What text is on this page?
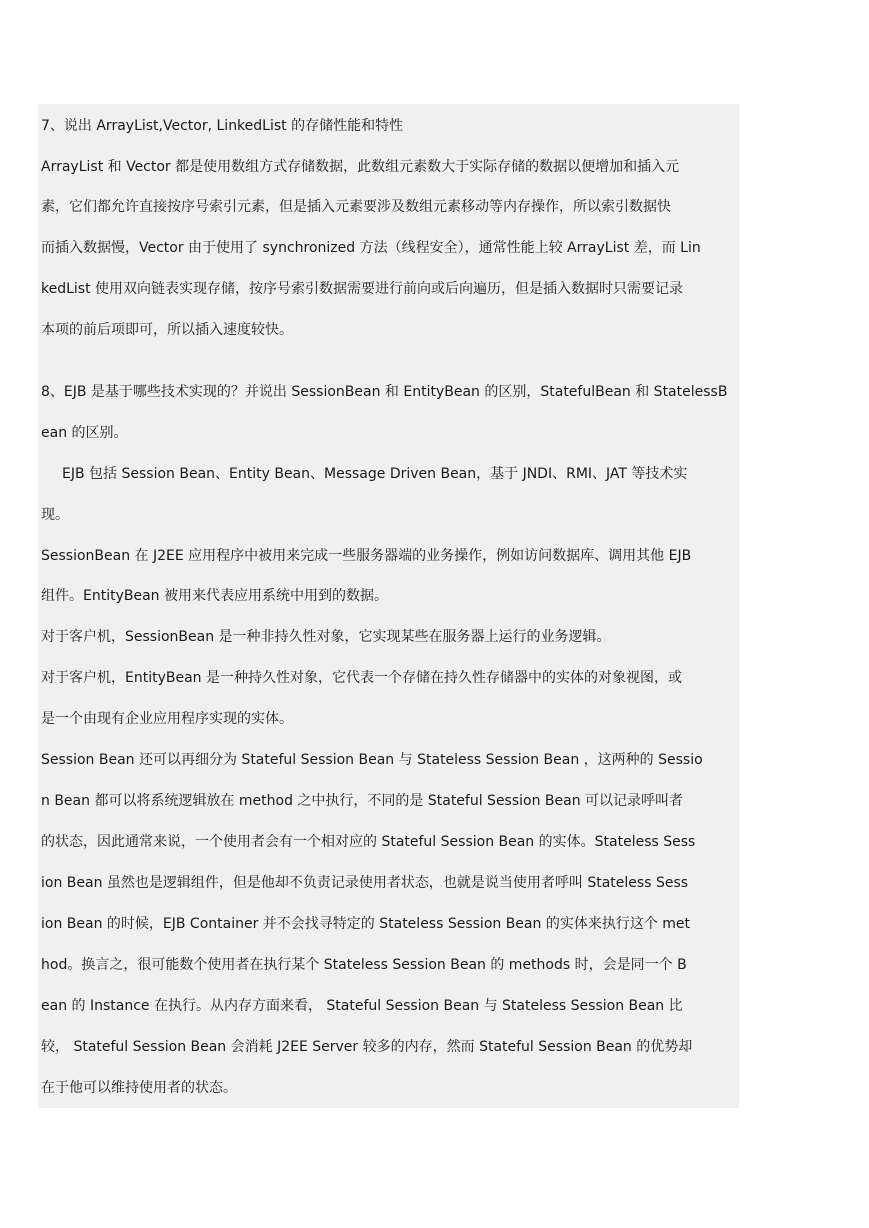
7、说出 ArrayList,Vector, LinkedList 的存储性能和特性
ArrayList 和 Vector 都是使用数组方式存储数据，此数组元素数大于实际存储的数据以便增加和插入元
素，它们都允许直接按序号索引元素，但是插入元素要涉及数组元素移动等内存操作，所以索引数据快
而插入数据慢，Vector 由于使用了 synchronized 方法（线程安全），通常性能上较 ArrayList 差，而 Lin
kedList 使用双向链表实现存储，按序号索引数据需要进行前向或后向遍历，但是插入数据时只需要记录
本项的前后项即可，所以插入速度较快。
8、EJB 是基于哪些技术实现的？并说出 SessionBean 和 EntityBean 的区别，StatefulBean 和 StatelessB
ean 的区别。
EJB 包括 Session Bean、Entity Bean、Message Driven Bean，基于 JNDI、RMI、JAT 等技术实
现。
SessionBean 在 J2EE 应用程序中被用来完成一些服务器端的业务操作，例如访问数据库、调用其他 EJB
组件。EntityBean 被用来代表应用系统中用到的数据。
对于客户机，SessionBean 是一种非持久性对象，它实现某些在服务器上运行的业务逻辑。
对于客户机，EntityBean 是一种持久性对象，它代表一个存储在持久性存储器中的实体的对象视图，或
是一个由现有企业应用程序实现的实体。
Session Bean 还可以再细分为 Stateful Session Bean 与 Stateless Session Bean ，这两种的 Sessio
n Bean 都可以将系统逻辑放在 method 之中执行，不同的是 Stateful Session Bean 可以记录呼叫者
的状态，因此通常来说，一个使用者会有一个相对应的 Stateful Session Bean 的实体。Stateless Sess
ion Bean 虽然也是逻辑组件，但是他却不负责记录使用者状态，也就是说当使用者呼叫 Stateless Sess
ion Bean 的时候，EJB Container 并不会找寻特定的 Stateless Session Bean 的实体来执行这个 met
hod。换言之，很可能数个使用者在执行某个 Stateless Session Bean 的 methods 时，会是同一个 B
ean 的 Instance 在执行。从内存方面来看， Stateful Session Bean 与 Stateless Session Bean 比
较， Stateful Session Bean 会消耗 J2EE Server 较多的内存，然而 Stateful Session Bean 的优势却
在于他可以维持使用者的状态。
